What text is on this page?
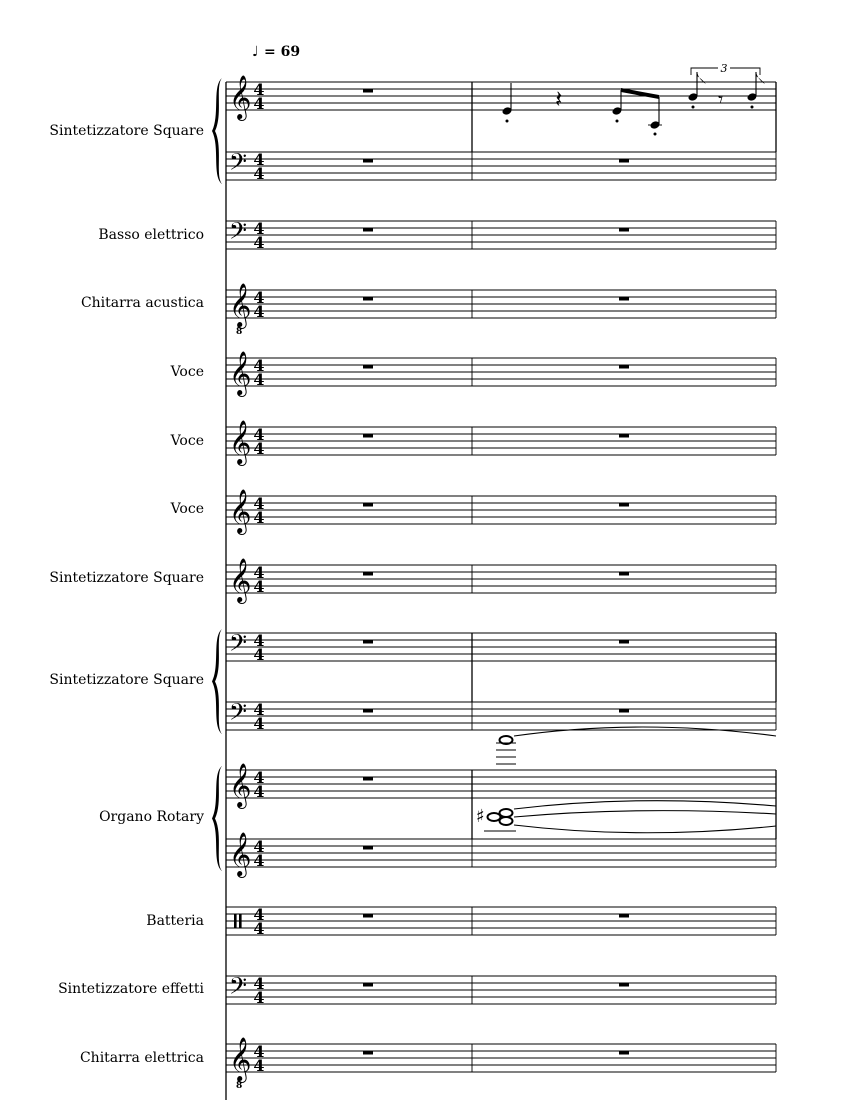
♩ = 69
𝄞 4
4
𝄢 4
4
𝄢 4
4
𝄞
8
4
4
𝄞 4
4
𝄞 4
4
𝄞 4
4
𝄞 4
4
𝄢 4
4
𝄢 4
4
𝄞 4
4
𝄞 4
4
4
4
𝄢 4
4
𝄞
8
4
4
Sintetizzatore Square
Basso elettrico
Chitarra acustica
Voce
Voce
Voce
Sintetizzatore Square
Sintetizzatore Square
Organo Rotary
Batteria
Sintetizzatore effetti
Chitarra elettrica
𝄽	𝄾
3
♯
